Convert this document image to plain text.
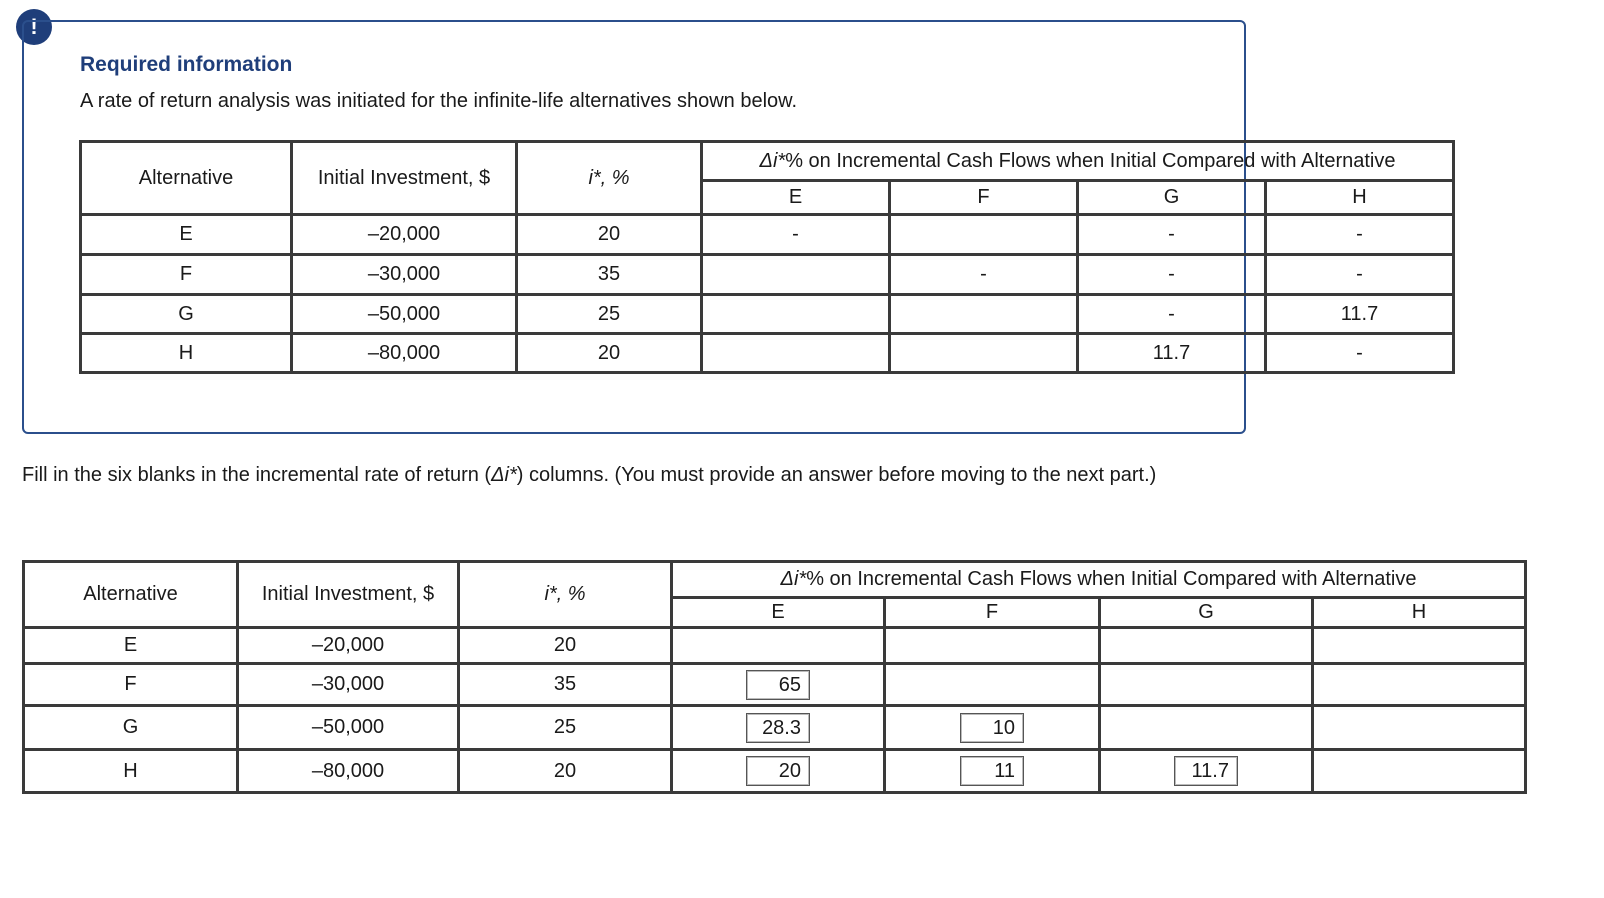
!
Required information
A rate of return analysis was initiated for the infinite-life alternatives shown below.
Alternative	Initial Investment, $	i*, %	Δi*% on Incremental Cash Flows when Initial Compared with Alternative			
			E	F	G	H
E	–20,000	20	-		-	-
F	–30,000	35		-	-	-
G	–50,000	25			-	11.7
H	–80,000	20			11.7	-
Fill in the six blanks in the incremental rate of return (Δi*) columns. (You must provide an answer before moving to the next part.)
Alternative	Initial Investment, $	i*, %	Δi*% on Incremental Cash Flows when Initial Compared with Alternative			
			E	F	G	H
E	–20,000	20				
F	–30,000	35	65			
G	–50,000	25	28.3	10		
H	–80,000	20	20	11	11.7	
